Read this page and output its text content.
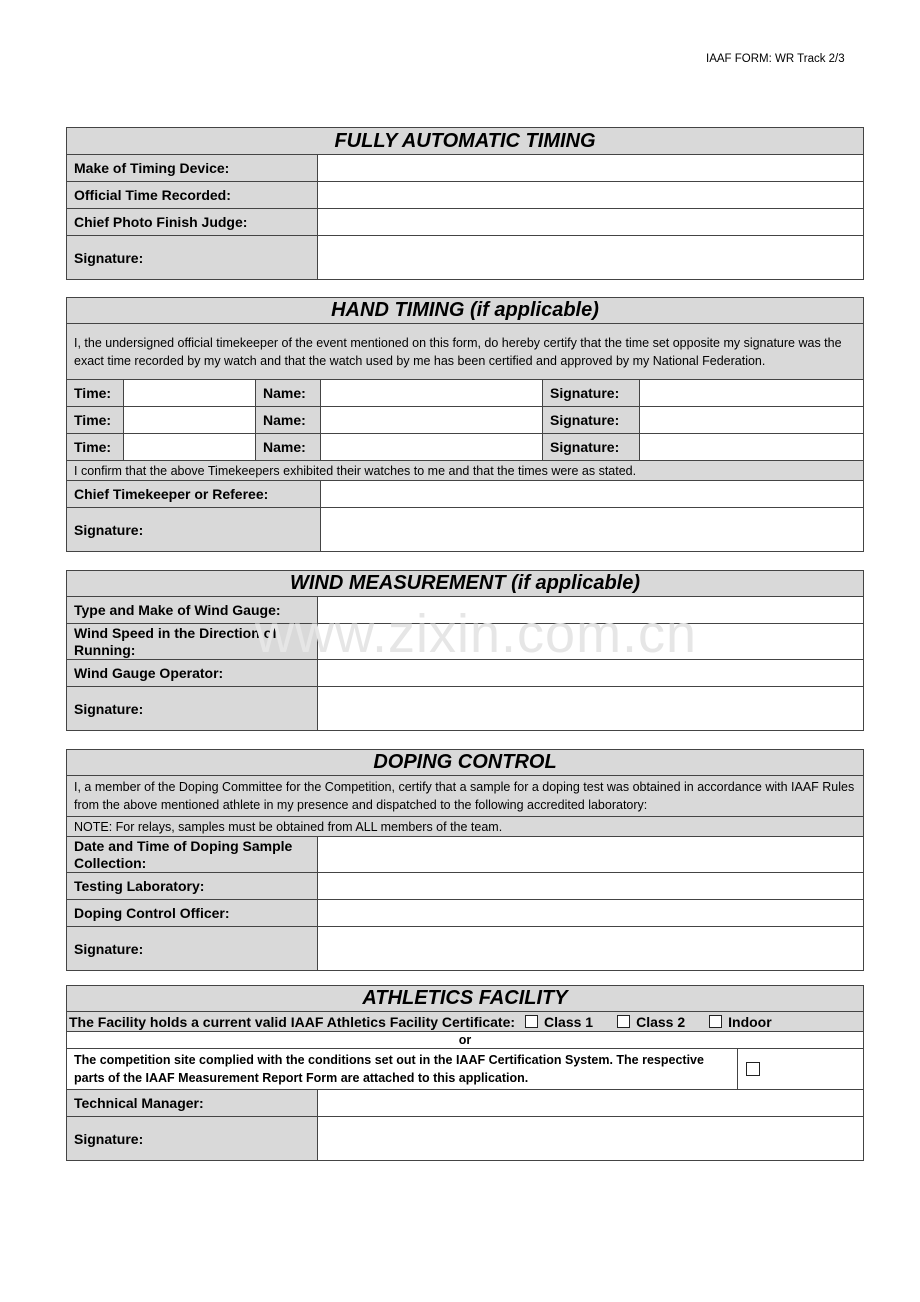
IAAF FORM: WR Track 2/3
FULLY AUTOMATIC TIMING	
Make of Timing Device:	
Official Time Recorded:	
Chief Photo Finish Judge:	
Signature:	
HAND TIMING (if applicable)					
I, the undersigned official timekeeper of the event mentioned on this form, do hereby certify that the time set opposite my signature was the exact time recorded by my watch and that the watch used by me has been certified and approved by my National Federation.					
Time:		Name:		Signature:	
Time:		Name:		Signature:	
Time:		Name:		Signature:	
I confirm that the above Timekeepers exhibited their watches to me and that the times were as stated.					
Chief Timekeeper or Referee:					
Signature:					
WIND MEASUREMENT (if applicable)	
Type and Make of Wind Gauge:	
Wind Speed in the Direction of Running:	
Wind Gauge Operator:	
Signature:	
DOPING CONTROL	
I, a member of the Doping Committee for the Competition, certify that a sample for a doping test was obtained in accordance with IAAF Rules from the above mentioned athlete in my presence and dispatched to the following accredited laboratory:	
NOTE: For relays, samples must be obtained from ALL members of the team.	
Date and Time of Doping Sample Collection:	
Testing Laboratory:	
Doping Control Officer:	
Signature:	
ATHLETICS FACILITY		

The Facility holds a current valid IAAF Athletics Facility Certificate: Class 1 Class 2 Indoor		

or		
The competition site complied with the conditions set out in the IAAF Certification System. The respective parts of the IAAF Measurement Report Form are attached to this application.		

Technical Manager:		
Signature:		
www.zixin.com.cn
